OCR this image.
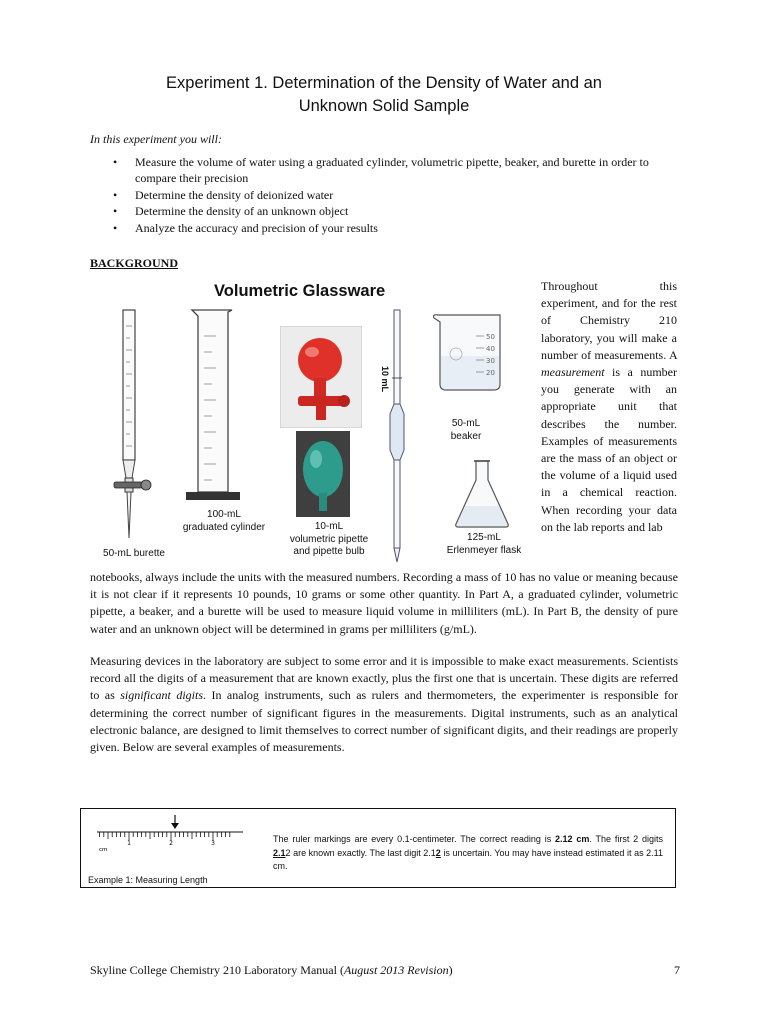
Experiment 1. Determination of the Density of Water and an
Unknown Solid Sample
In this experiment you will:
• Measure the volume of water using a graduated cylinder, volumetric pipette, beaker, and burette in order to compare their precision
• Determine the density of deionized water
• Determine the density of an unknown object
• Analyze the accuracy and precision of your results
BACKGROUND
Volumetric Glassware
10 mL
50
40
30
20
50-mL burette
100-mL
graduated cylinder	10-mL
volumetric pipette
and pipette bulb
50-mL
beaker
125-mL
Erlenmeyer flask
Throughout this experiment, and for the rest of Chemistry 210 laboratory, you will make a number of measurements. A measurement is a number you generate with an appropriate unit that describes the number. Examples of measurements are the mass of an object or the volume of a liquid used in a chemical reaction. When recording your data on the lab reports and lab

notebooks, always include the units with the measured numbers. Recording a mass of 10 has no value or meaning because it is not clear if it represents 10 pounds, 10 grams or some other quantity. In Part A, a graduated cylinder, volumetric pipette, a beaker, and a burette will be used to measure liquid volume in milliliters (mL). In Part B, the density of pure water and an unknown object will be determined in grams per milliliters (g/mL).

Measuring devices in the laboratory are subject to some error and it is impossible to make exact measurements. Scientists record all the digits of a measurement that are known exactly, plus the first one that is uncertain. These digits are referred to as significant digits. In analog instruments, such as rulers and thermometers, the experimenter is responsible for determining the correct number of significant figures in the measurements. Digital instruments, such as an analytical electronic balance, are designed to limit themselves to correct number of significant digits, and their readings are properly given. Below are several examples of measurements.

cm
1	2	3
Example 1: Measuring Length
The ruler markings are every 0.1-centimeter. The correct reading is 2.12 cm. The first 2 digits 2.12 are known exactly. The last digit 2.12 is uncertain. You may have instead estimated it as 2.11 cm.
Skyline College Chemistry 210 Laboratory Manual (August 2013 Revision)	7
